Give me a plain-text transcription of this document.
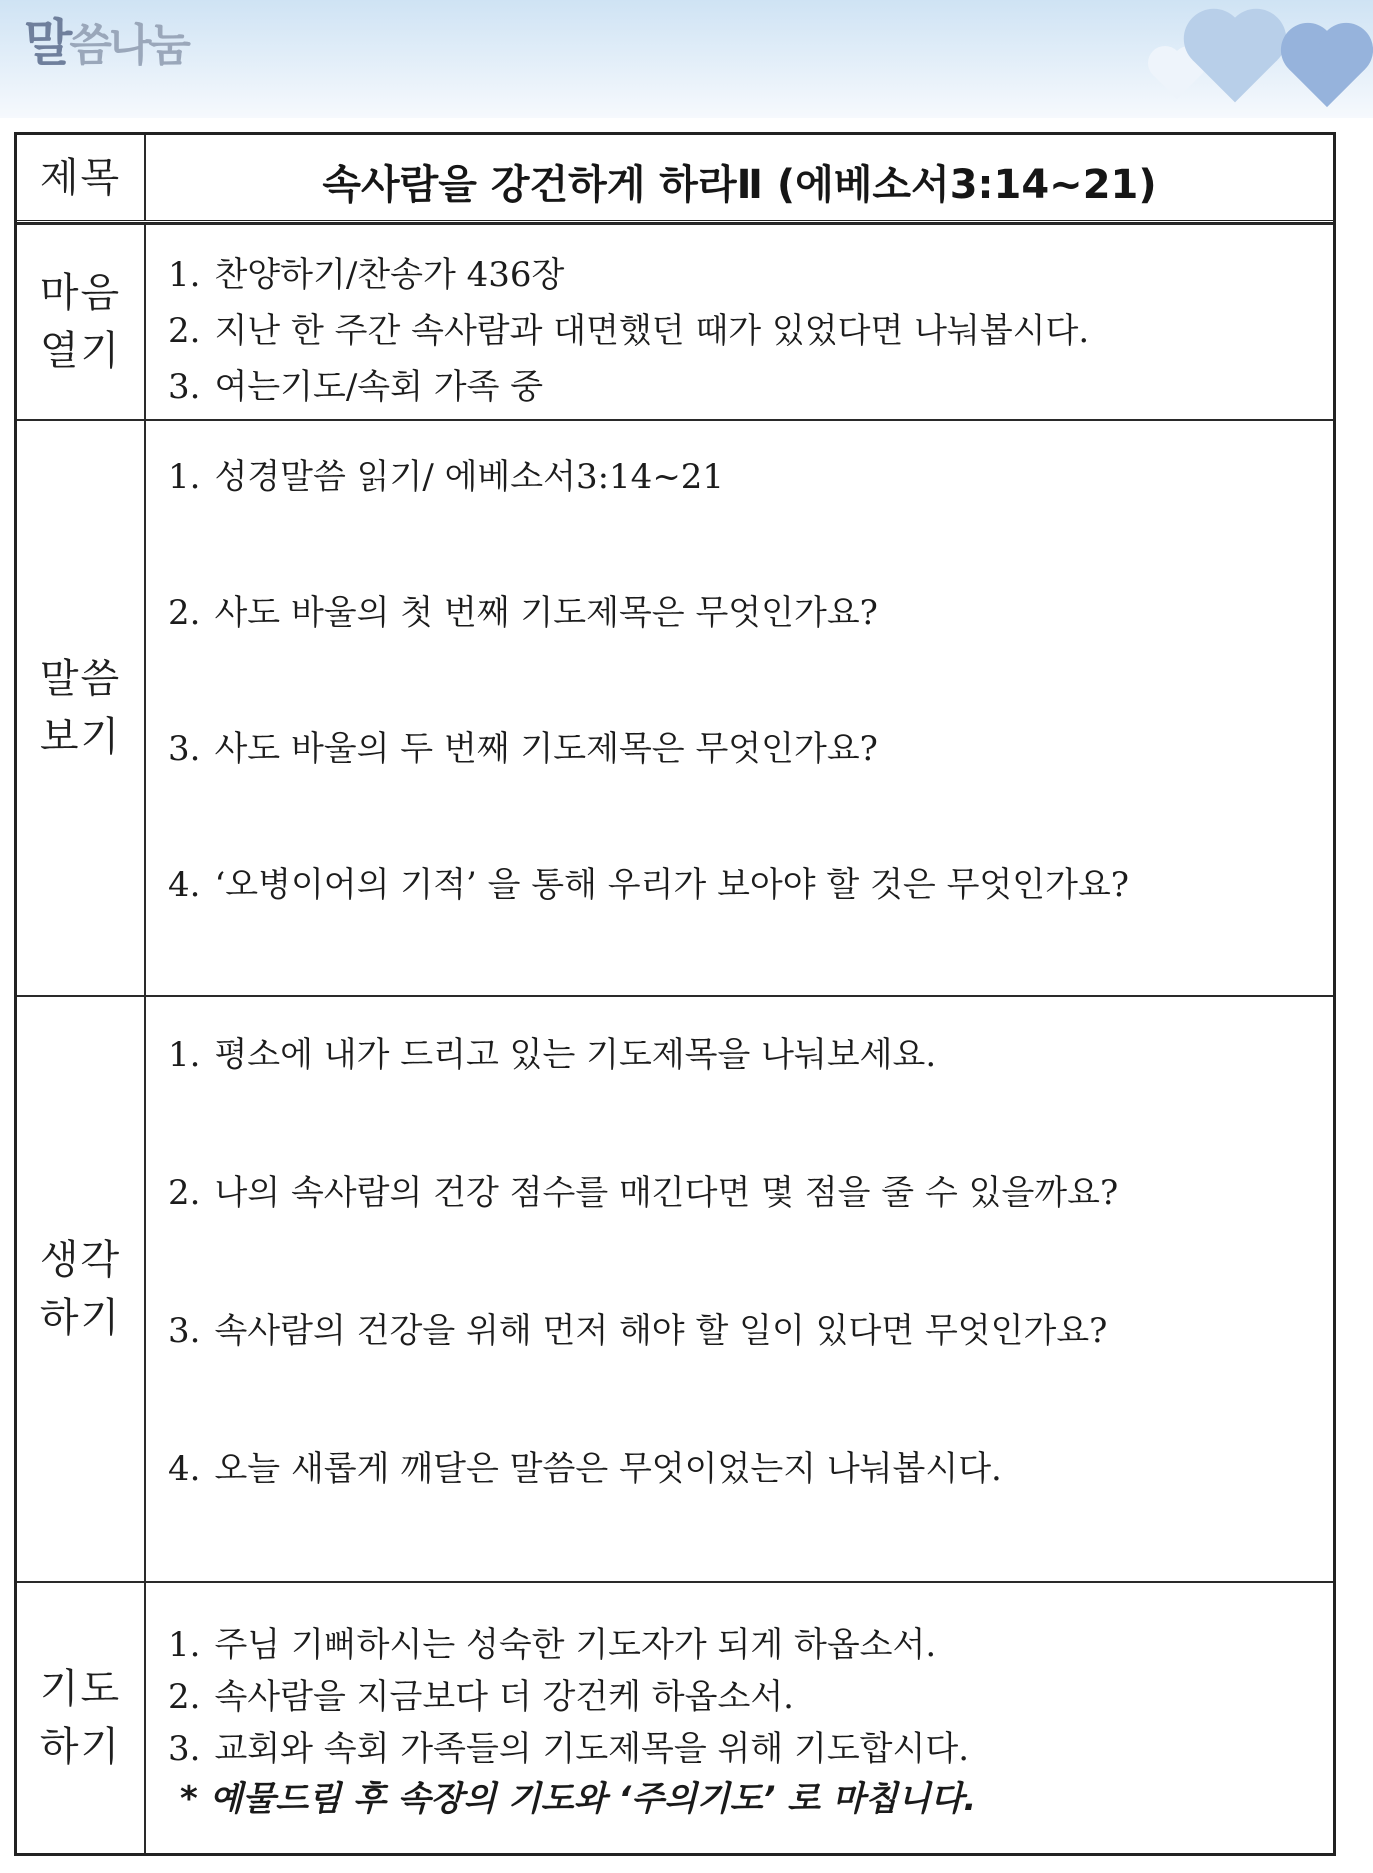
말씀나눔
제목	속사람을 강건하게 하라Ⅱ (에베소서3:14~21)
마음
열기
1. 찬양하기/찬송가 436장
2. 지난 한 주간 속사람과 대면했던 때가 있었다면 나눠봅시다.
3. 여는기도/속회 가족 중
말씀
보기
1. 성경말씀 읽기/ 에베소서3:14~21
2. 사도 바울의 첫 번째 기도제목은 무엇인가요?
3. 사도 바울의 두 번째 기도제목은 무엇인가요?
4. ‘오병이어의 기적’ 을 통해 우리가 보아야 할 것은 무엇인가요?
생각
하기
1. 평소에 내가 드리고 있는 기도제목을 나눠보세요.
2. 나의 속사람의 건강 점수를 매긴다면 몇 점을 줄 수 있을까요?
3. 속사람의 건강을 위해 먼저 해야 할 일이 있다면 무엇인가요?
4. 오늘 새롭게 깨달은 말씀은 무엇이었는지 나눠봅시다.
기도
하기
1. 주님 기뻐하시는 성숙한 기도자가 되게 하옵소서.
2. 속사람을 지금보다 더 강건케 하옵소서.
3. 교회와 속회 가족들의 기도제목을 위해 기도합시다.
* 예물드림 후 속장의 기도와 ‘주의기도’ 로 마칩니다.
